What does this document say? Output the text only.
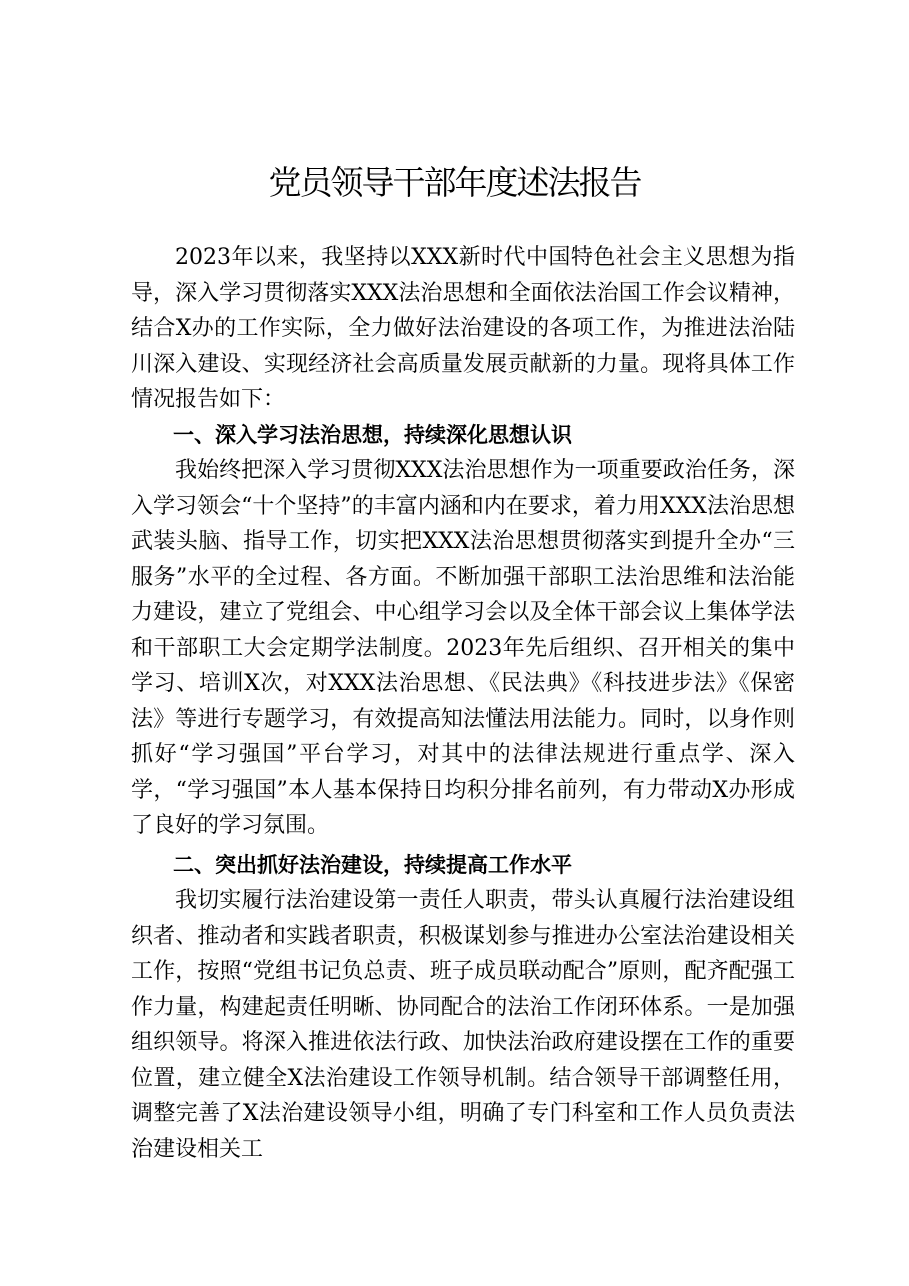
党员领导干部年度述法报告

2023年以来，我坚持以XXX新时代中国特色社会主义思想为指导，深入学习贯彻落实XXX法治思想和全面依法治国工作会议精神，结合X办的工作实际，全力做好法治建设的各项工作，为推进法治陆川深入建设、实现经济社会高质量发展贡献新的力量。现将具体工作情况报告如下：

一、深入学习法治思想，持续深化思想认识

我始终把深入学习贯彻XXX法治思想作为一项重要政治任务，深入学习领会“十个坚持”的丰富内涵和内在要求，着力用XXX法治思想武装头脑、指导工作，切实把XXX法治思想贯彻落实到提升全办“三服务”水平的全过程、各方面。不断加强干部职工法治思维和法治能力建设，建立了党组会、中心组学习会以及全体干部会议上集体学法和干部职工大会定期学法制度。2023年先后组织、召开相关的集中学习、培训X次，对XXX法治思想、《民法典》《科技进步法》《保密法》等进行专题学习，有效提高知法懂法用法能力。同时，以身作则抓好“学习强国”平台学习，对其中的法律法规进行重点学、深入学，“学习强国”本人基本保持日均积分排名前列，有力带动X办形成了良好的学习氛围。

二、突出抓好法治建设，持续提高工作水平

我切实履行法治建设第一责任人职责，带头认真履行法治建设组织者、推动者和实践者职责，积极谋划参与推进办公室法治建设相关工作，按照“党组书记负总责、班子成员联动配合”原则，配齐配强工作力量，构建起责任明晰、协同配合的法治工作闭环体系。一是加强组织领导。将深入推进依法行政、加快法治政府建设摆在工作的重要位置，建立健全X法治建设工作领导机制。结合领导干部调整任用，调整完善了X法治建设领导小组，明确了专门科室和工作人员负责法治建设相关工
